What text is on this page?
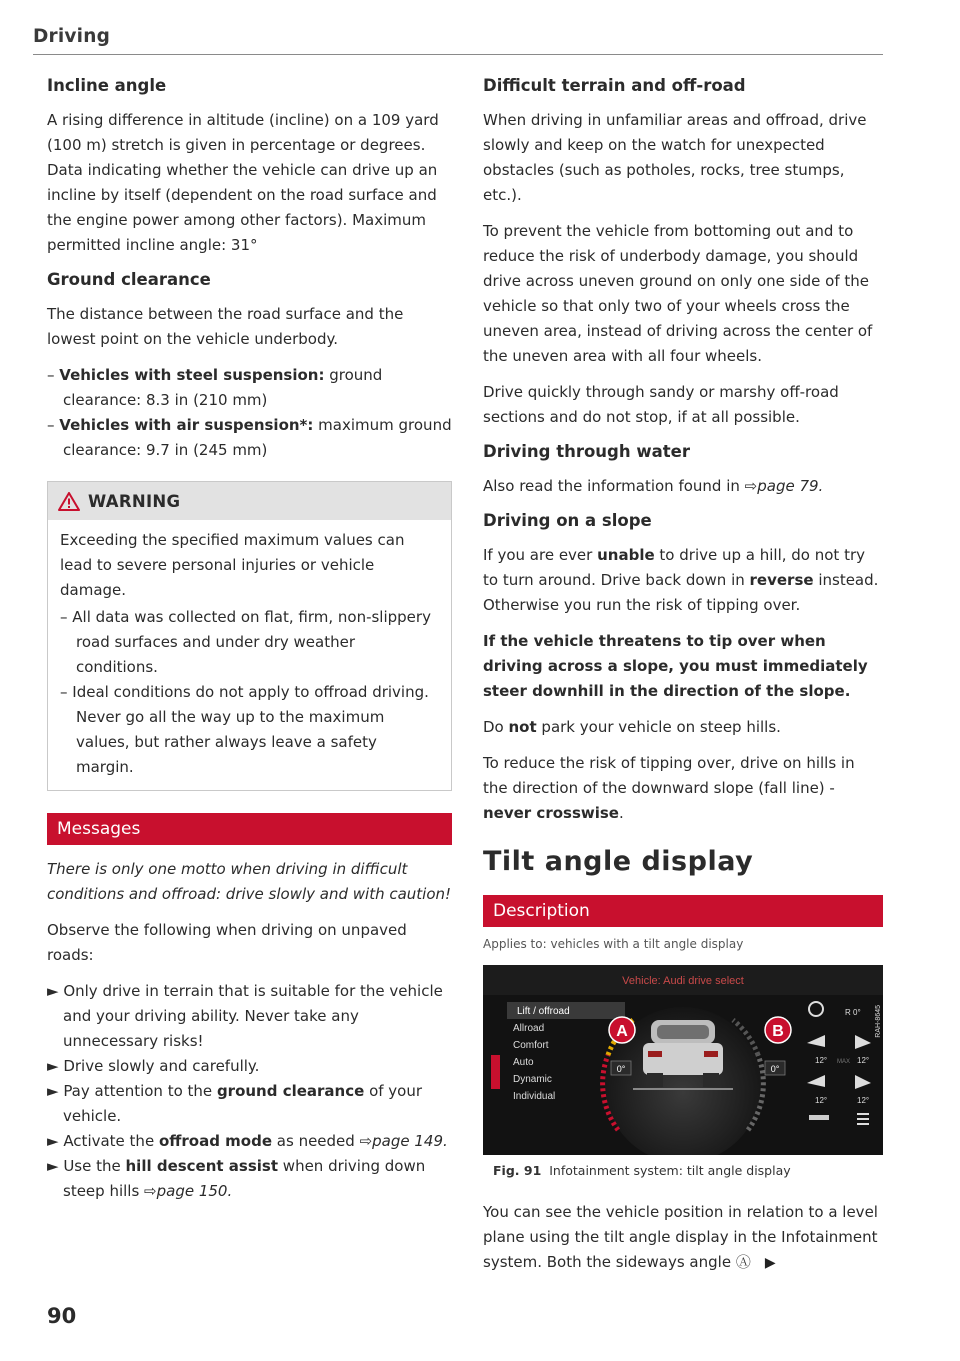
Driving
Incline angle

A rising difference in altitude (incline) on a 109 yard (100 m) stretch is given in percentage or degrees. Data indicating whether the vehicle can drive up an incline by itself (dependent on the road surface and the engine power among other factors). Maximum permitted incline angle: 31°

Ground clearance

The distance between the road surface and the lowest point on the vehicle underbody.

– Vehicles with steel suspension: ground clearance: 8.3 in (210 mm)
– Vehicles with air suspension*: maximum ground clearance: 9.7 in (245 mm)
WARNING

Exceeding the specified maximum values can lead to severe personal injuries or vehicle damage.

– All data was collected on flat, firm, non-slippery road surfaces and under dry weather conditions.
– Ideal conditions do not apply to offroad driving. Never go all the way up to the maximum values, but rather always leave a safety margin.
Messages

There is only one motto when driving in difficult conditions and offroad: drive slowly and with caution!

Observe the following when driving on unpaved roads:

► Only drive in terrain that is suitable for the vehicle and your driving ability. Never take any unnecessary risks!
► Drive slowly and carefully.
► Pay attention to the ground clearance of your vehicle.
► Activate the offroad mode as needed ⇨page 149.
► Use the hill descent assist when driving down steep hills ⇨page 150.
Difficult terrain and off-road

When driving in unfamiliar areas and offroad, drive slowly and keep on the watch for unexpected obstacles (such as potholes, rocks, tree stumps, etc.).

To prevent the vehicle from bottoming out and to reduce the risk of underbody damage, you should drive across uneven ground on only one side of the vehicle so that only two of your wheels cross the uneven area, instead of driving across the center of the uneven area with all four wheels.

Drive quickly through sandy or marshy off-road sections and do not stop, if at all possible.

Driving through water

Also read the information found in ⇨page 79.

Driving on a slope

If you are ever unable to drive up a hill, do not try to turn around. Drive back down in reverse instead. Otherwise you run the risk of tipping over.

If the vehicle threatens to tip over when driving across a slope, you must immediately steer downhill in the direction of the slope.

Do not park your vehicle on steep hills.

To reduce the risk of tipping over, drive on hills in the direction of the downward slope (fall line) - never crosswise.

Tilt angle display
Description
Applies to: vehicles with a tilt angle display
Vehicle: Audi drive select
Lift / offroad
Allroad
Comfort
Auto
Dynamic
Individual
A	B
0°	0°
R 0°
12° MAX 12°
12°	12°
RAH-8645
Fig. 91 Infotainment system: tilt angle display

You can see the vehicle position in relation to a level plane using the tilt angle display in the Infotainment system. Both the sideways angle Ⓐ ▶

90
